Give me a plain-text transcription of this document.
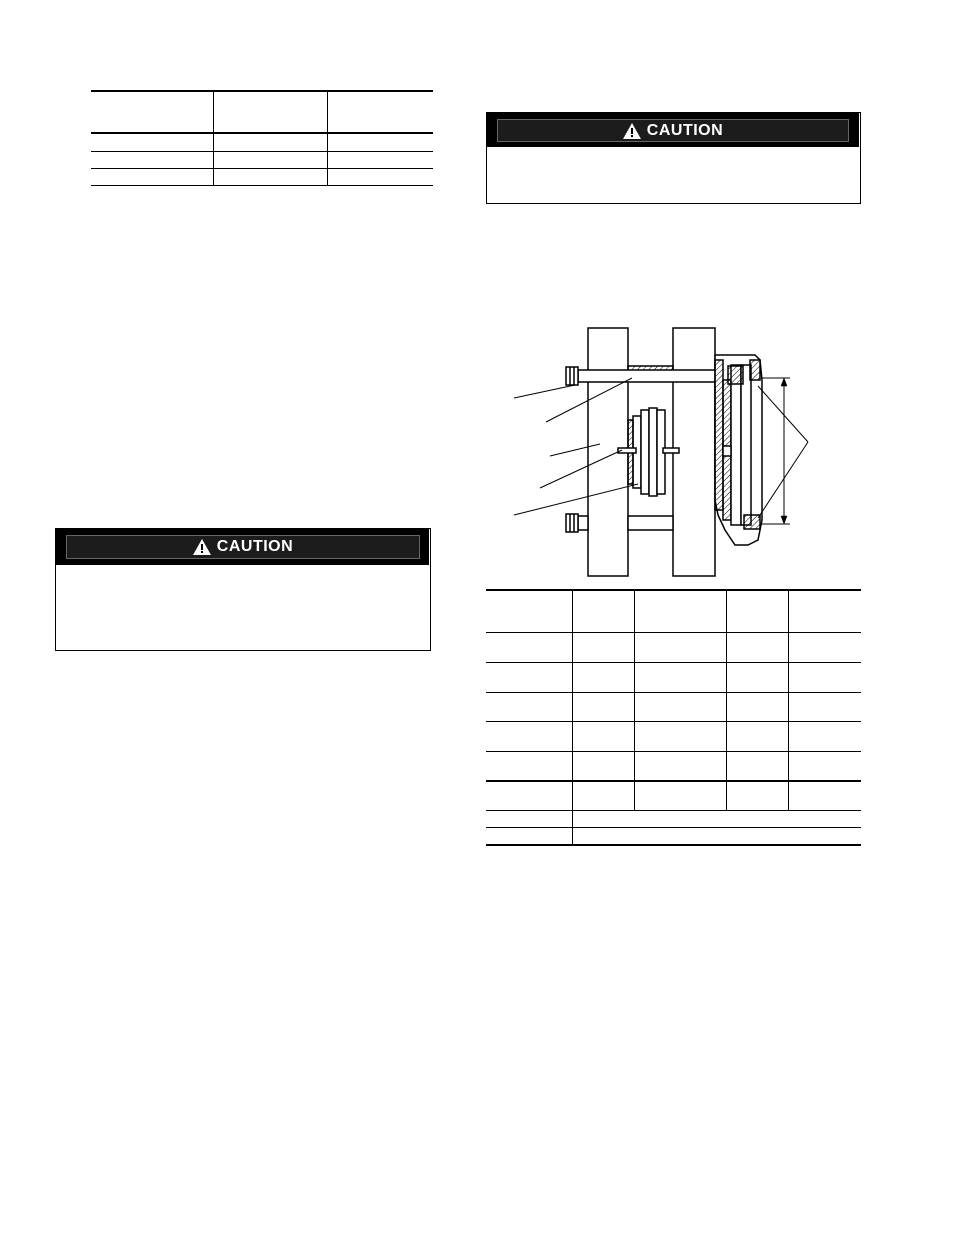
CAUTION
CAUTION
